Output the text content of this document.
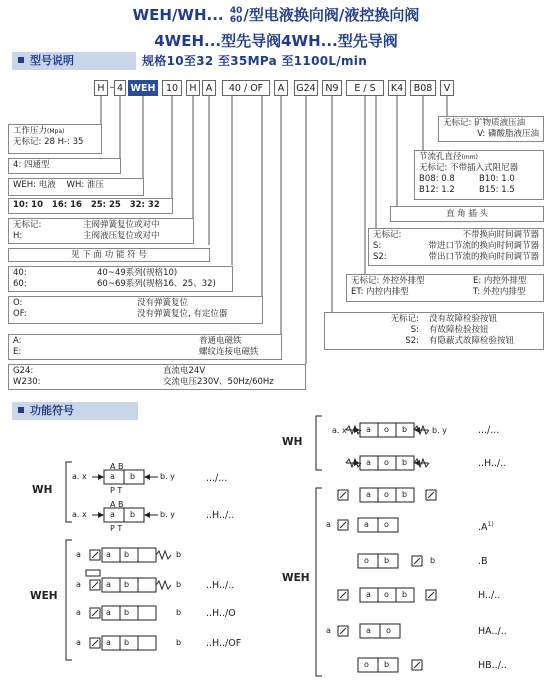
WEH/WH... 40
60 /型电液换向阀/液控换向阀
4WEH...型先导阀4WH...型先导阀
型号说明	规格10至32 至35MPa 至1100L/min
H – 4 WEH	10	H A	40 / OF	A	G24	N9	E / S	K4	B08	V
工作压力(Mpa)
无标记: 28 H-: 35
4: 四通型
WEH: 电液 WH: 淮压
10: 10 16: 16 25: 25 32: 32
无标记:	主阀弹簧复位或对中
H:	主阀液压复位或对中
见 下 面 功 能 符 号
40:	40~49系列(规格10)
60:	60~69系列(规格16、25、32)
O:	没有弹簧复位
OF:	没有弹簧复位, 有定位器
A:	普通电磁铁
E:	螺纹连接电磁铁
G24:	直流电24V
W230:	交流电压230V、50Hz/60Hz
无标记: 矿物质液压油
V: 磷酸脂液压油
节流孔直径(mm)
无标记: 不带插入式阻尼器
B08: 0.8	B10: 1.0
B12: 1.2	B15: 1.5
直 角 插 头
无标记:	不带换向时间调节器
S:	带进口节流的换向时间调节器
S2:	带出口节流的换向时间调节器
无标记: 外控外排型	E: 内控外排型
ET: 内控内排型	T: 外控内排型
无标记:	没有故障检验按钮
S:	有故障检验按钮
S2:	有隐蔽式故障检验按钮
功能符号
WH
WEH
WH
WEH
A B
a b
P T
a. x	b. y
A B
a b
P T
a. x	b. y
a	a b	b
a	a b	b
a	a b	b
a	a b	b
.../...
..H../..
..H../..
..H../O
..H../OF
a. x	b. y
a o b
a o b
a o b
a	a o
o b	b
a o b
a	a o
o b
.../...
..H../..
$.A^{1)}$
.B
H../..
HA../..
HB../..
